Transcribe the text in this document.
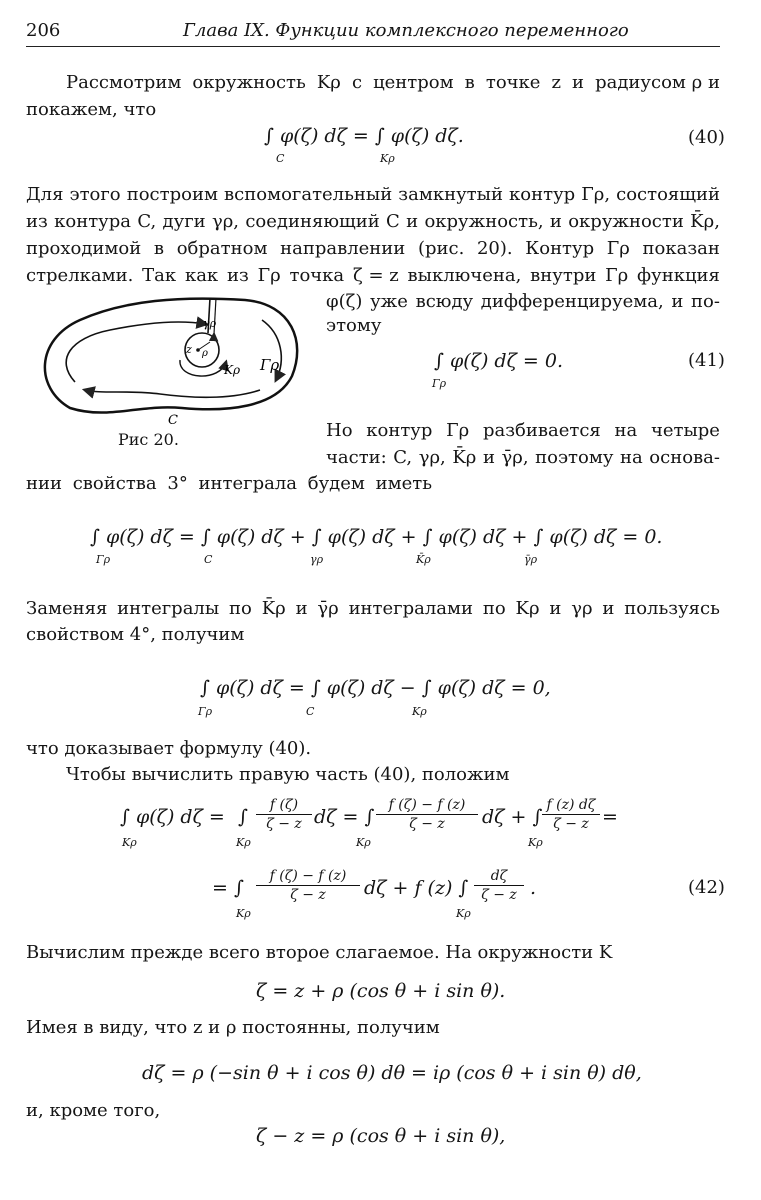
206	Глава IX. Функции комплексного переменного
Рассмотрим окружность Kρ с центром в точке z и радиусом ρ и
покажем, что
∫ φ(ζ) dζ = ∫ φ(ζ) dζ.
C	Kρ
(40)
Для этого построим вспомогательный замкнутый контур Γρ, состоящий
из контура C, дуги γρ, соединяющий C и окружность, и окружности K̄ρ,
проходимой в обратном направлении (рис. 20). Контур Γρ показан
стрелками. Так как из Γρ точка ζ = z выключена, внутри Γρ функция
φ(ζ) уже всюду дифференцируема, и по-
этому
∫ φ(ζ) dζ = 0.
Γρ
(41)
γρ
z ρ
Kρ Γρ
C
Рис 20.	Но контур Γρ разбивается на четыре
части: C, γρ, K̄ρ и γ̄ρ, поэтому на основа-
нии свойства 3° интеграла будем иметь
∫ φ(ζ) dζ = ∫ φ(ζ) dζ + ∫ φ(ζ) dζ + ∫ φ(ζ) dζ + ∫ φ(ζ) dζ = 0.
Γρ	C	γρ	K̄ρ	γ̄ρ
Заменяя интегралы по K̄ρ и γ̄ρ интегралами по Kρ и γρ и пользуясь
свойством 4°, получим
∫ φ(ζ) dζ = ∫ φ(ζ) dζ − ∫ φ(ζ) dζ = 0,
Γρ	C	Kρ
что доказывает формулу (40).
Чтобы вычислить правую часть (40), положим
∫ φ(ζ) dζ = ∫
f (ζ)
ζ − z dζ = ∫
f (ζ) − f (z)
ζ − z	dζ + ∫
f (z) dζ
ζ − z =
Kρ	Kρ	Kρ	Kρ
= ∫
f (ζ) − f (z)
ζ − z	dζ + f (z) ∫
dζ
ζ − z .
Kρ	Kρ
(42)
Вычислим прежде всего второе слагаемое. На окружности K
ζ = z + ρ (cos θ + i sin θ).
Имея в виду, что z и ρ постоянны, получим
dζ = ρ (−sin θ + i cos θ) dθ = iρ (cos θ + i sin θ) dθ,
и, кроме того,
ζ − z = ρ (cos θ + i sin θ),
